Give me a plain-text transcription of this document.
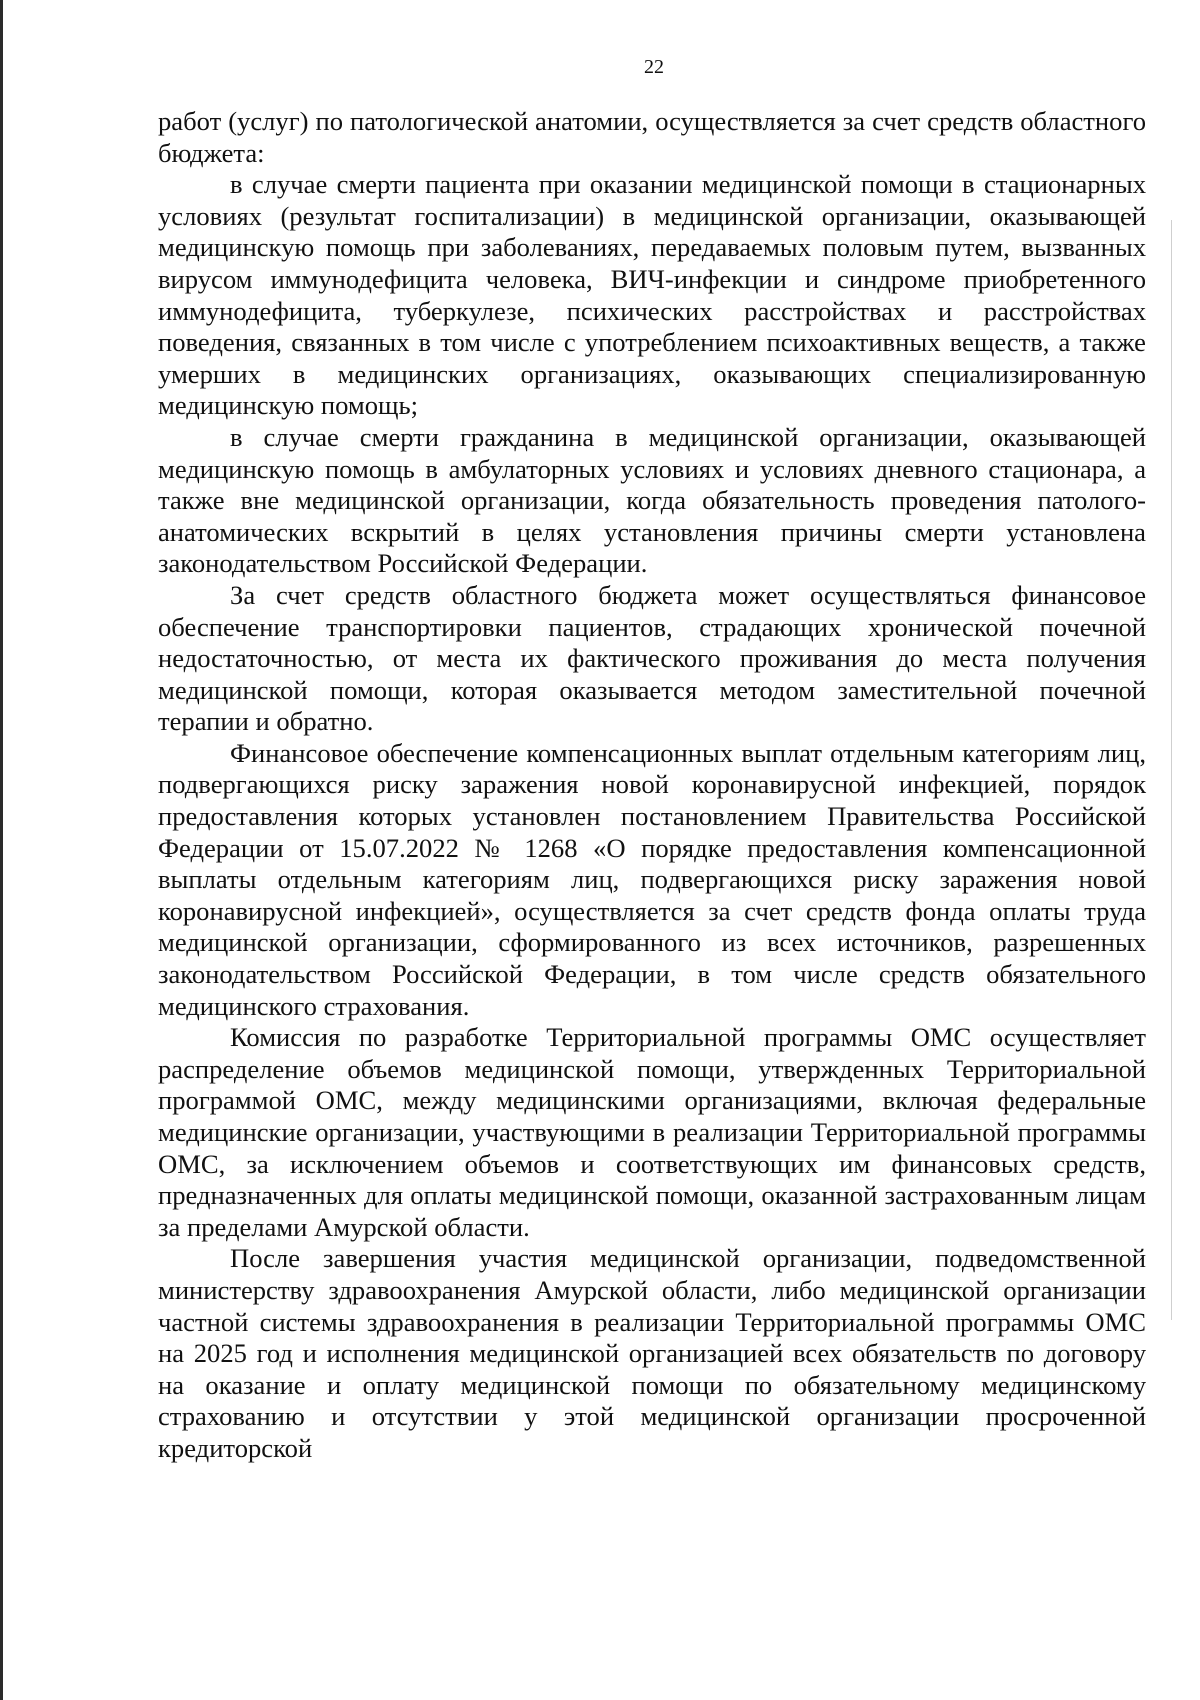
22

работ (услуг) по патологической анатомии, осуществляется за счет средств областного бюджета:

в случае смерти пациента при оказании медицинской помощи в стационарных условиях (результат госпитализации) в медицинской организации, оказывающей медицинскую помощь при заболеваниях, передаваемых половым путем, вызванных вирусом иммунодефицита человека, ВИЧ-инфекции и синдроме приобретенного иммунодефицита, туберкулезе, психических расстройствах и расстройствах поведения, связанных в том числе с употреблением психоактивных веществ, а также умерших в медицинских организациях, оказывающих специализированную медицинскую помощь;

в случае смерти гражданина в медицинской организации, оказывающей медицинскую помощь в амбулаторных условиях и условиях дневного стационара, а также вне медицинской организации, когда обязательность проведения патолого-анатомических вскрытий в целях установления причины смерти установлена законодательством Российской Федерации.

За счет средств областного бюджета может осуществляться финансовое обеспечение транспортировки пациентов, страдающих хронической почечной недостаточностью, от места их фактического проживания до места получения медицинской помощи, которая оказывается методом заместительной почечной терапии и обратно.

Финансовое обеспечение компенсационных выплат отдельным категориям лиц, подвергающихся риску заражения новой коронавирусной инфекцией, порядок предоставления которых установлен постановлением Правительства Российской Федерации от 15.07.2022 № 1268 «О порядке предоставления компенсационной выплаты отдельным категориям лиц, подвергающихся риску заражения новой коронавирусной инфекцией», осуществляется за счет средств фонда оплаты труда медицинской организации, сформированного из всех источников, разрешенных законодательством Российской Федерации, в том числе средств обязательного медицинского страхования.

Комиссия по разработке Территориальной программы ОМС осуществляет распределение объемов медицинской помощи, утвержденных Территориальной программой ОМС, между медицинскими организациями, включая федеральные медицинские организации, участвующими в реализации Территориальной программы ОМС, за исключением объемов и соответствующих им финансовых средств, предназначенных для оплаты медицинской помощи, оказанной застрахованным лицам за пределами Амурской области.

После завершения участия медицинской организации, подведомственной министерству здравоохранения Амурской области, либо медицинской организации частной системы здравоохранения в реализации Территориальной программы ОМС на 2025 год и исполнения медицинской организацией всех обязательств по договору на оказание и оплату медицинской помощи по обязательному медицинскому страхованию и отсутствии у этой медицинской организации просроченной кредиторской
